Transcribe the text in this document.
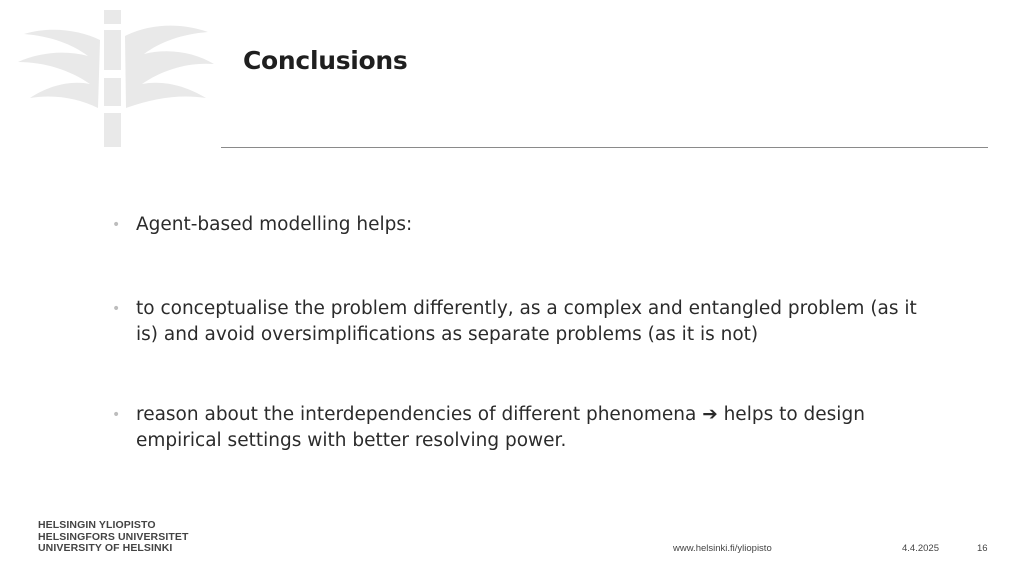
Conclusions
• Agent-based modelling helps:
• to conceptualise the problem differently, as a complex and entangled problem (as it is) and avoid oversimplifications as separate problems (as it is not)
• reason about the interdependencies of different phenomena ➔ helps to design empirical settings with better resolving power.
HELSINGIN YLIOPISTO
HELSINGFORS UNIVERSITET
UNIVERSITY OF HELSINKI	www.helsinki.fi/yliopisto	4.4.2025	16
